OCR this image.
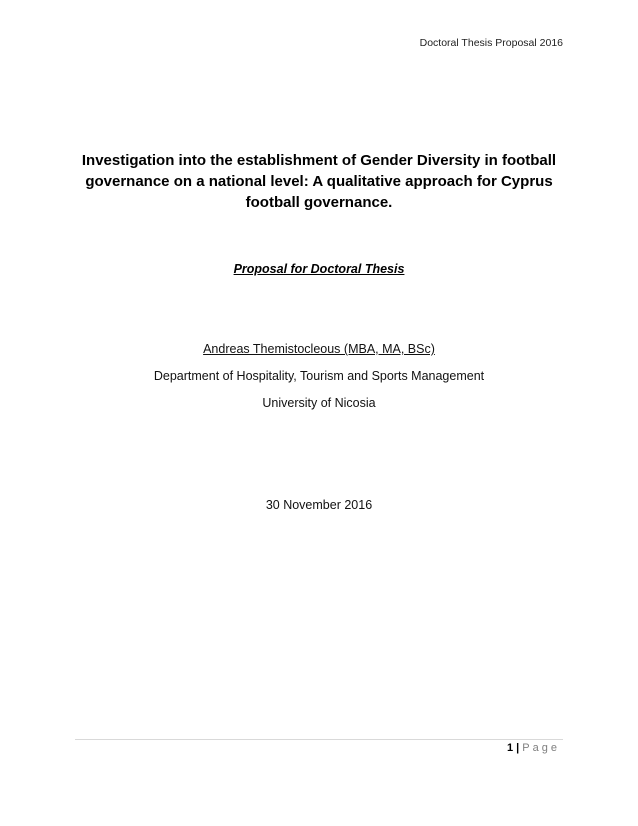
Doctoral Thesis Proposal 2016
Investigation into the establishment of Gender Diversity in football
governance on a national level: A qualitative approach for Cyprus
football governance.
Proposal for Doctoral Thesis
Andreas Themistocleous (MBA, MA, BSc)
Department of Hospitality, Tourism and Sports Management
University of Nicosia
30 November 2016
1 | Page
